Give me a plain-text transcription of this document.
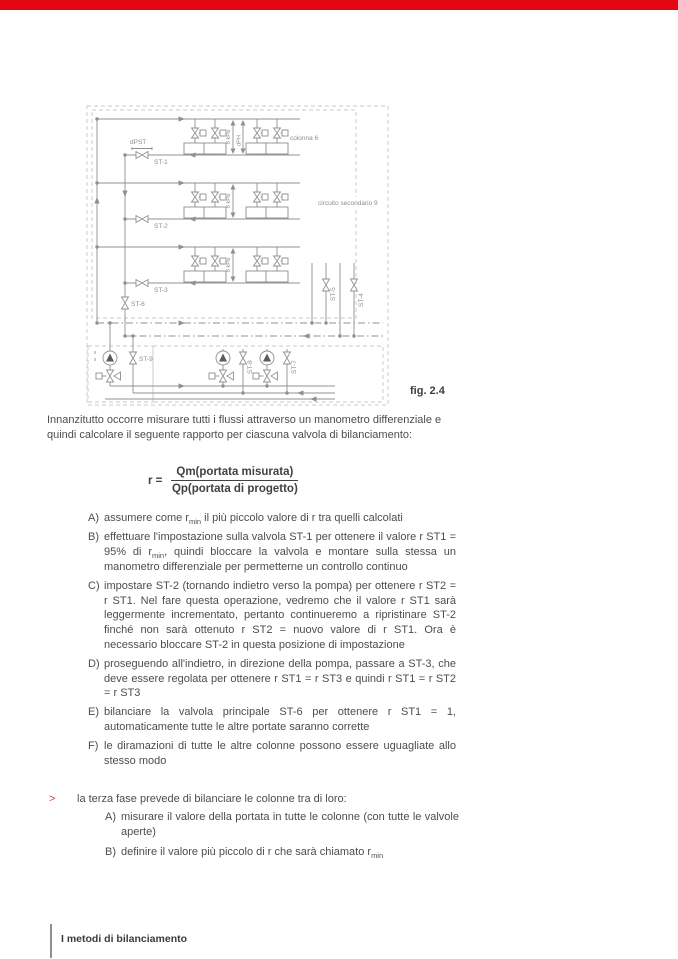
ST-6
8 kPa dPH
ST-1
dPST
colonna 6
8 kPa
ST-2
8 kPa
ST-3	ST-5	ST-4
circuito secondario 9
ST-9
ST-8	ST-7
fig. 2.4
Innanzitutto occorre misurare tutti i flussi attraverso un manometro differenziale e quindi calcolare il seguente rapporto per ciascuna valvola di bilanciamento:
$r = \frac{\text{Qm(portata misurata)}}{\text{Qp(portata di progetto)}}$
A) assumere come $r_{min}$ il più piccolo valore di r tra quelli calcolati
B) effettuare l'impostazione sulla valvola ST-1 per ottenere il valore r ST1 = 95% di $r_{min}$, quindi bloccare la valvola e montare sulla stessa un manometro differenziale per permetterne un controllo continuo
C) impostare ST-2 (tornando indietro verso la pompa) per ottenere r ST2 = r ST1. Nel fare questa operazione, vedremo che il valore r ST1 sarà leggermente incrementato, pertanto continueremo a ripristinare ST-2 finché non sarà ottenuto r ST2 = nuovo valore di r ST1. Ora è necessario bloccare ST-2 in questa posizione di impostazione
D) proseguendo all'indietro, in direzione della pompa, passare a ST-3, che deve essere regolata per ottenere r ST1 = r ST3 e quindi r ST1 = r ST2 = r ST3
E) bilanciare la valvola principale ST-6 per ottenere r ST1 = 1, automaticamente tutte le altre portate saranno corrette
F) le diramazioni di tutte le altre colonne possono essere uguagliate allo stesso modo
>	la terza fase prevede di bilanciare le colonne tra di loro:
A) misurare il valore della portata in tutte le colonne (con tutte le valvole aperte)
B) definire il valore più piccolo di r che sarà chiamato $r_{min}$
I metodi di bilanciamento
